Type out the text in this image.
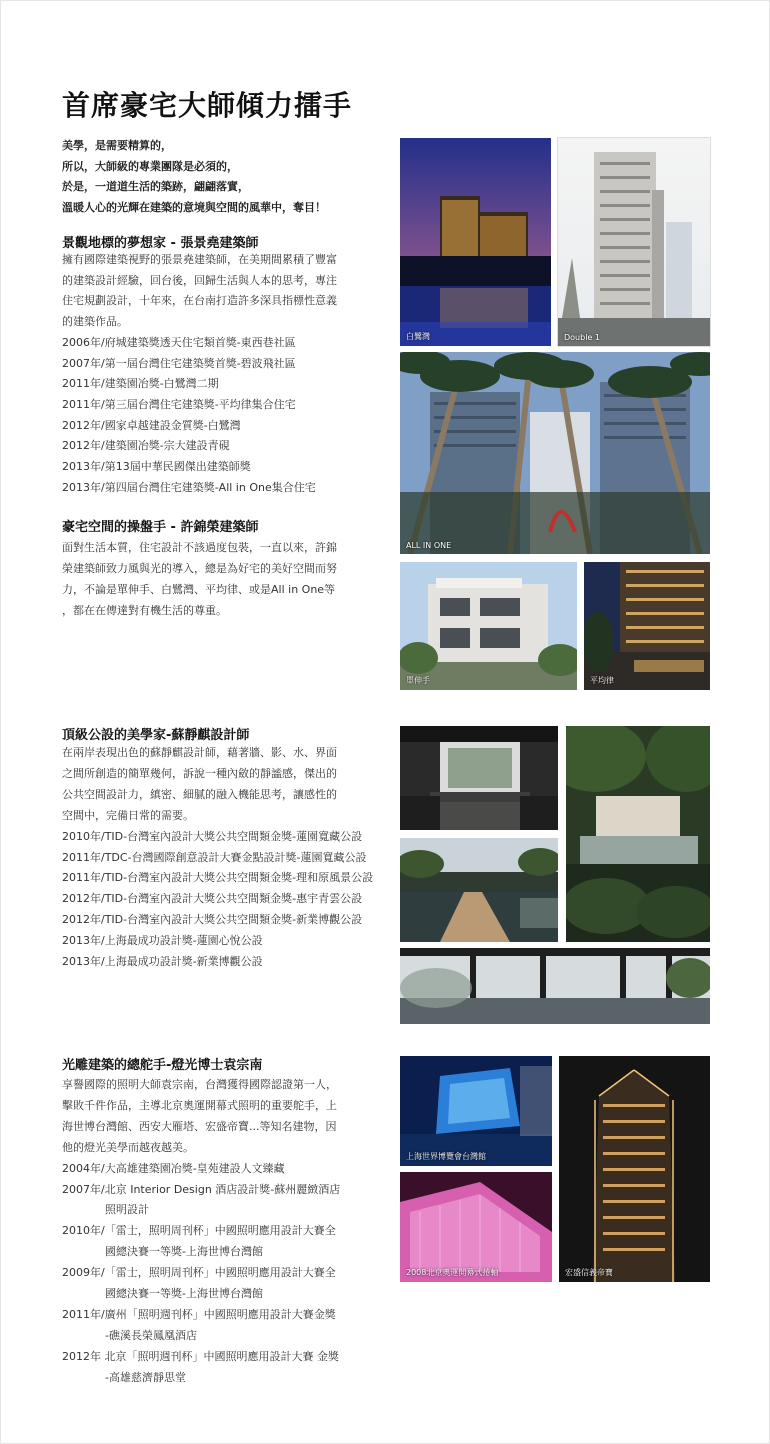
首席豪宅大師傾力擂手
美學，是需要精算的，
所以，大師級的專業團隊是必須的，
於是，一道道生活的築跡，翩翩落實，
溫暖人心的光輝在建築的意境與空間的風華中，奪目！
景觀地標的夢想家 - 張景堯建築師
擁有國際建築視野的張景堯建築師，在美期間累積了豐富
的建築設計經驗，回台後，回歸生活與人本的思考，專注
住宅規劃設計，十年來，在台南打造許多深具指標性意義
的建築作品。
2006年/府城建築獎透天住宅類首獎-東西巷社區
2007年/第一屆台灣住宅建築獎首獎-碧波飛社區
2011年/建築園冶獎-白鷺灣二期
2011年/第三屆台灣住宅建築獎-平均律集合住宅
2012年/國家卓越建設金質獎-白鷺灣
2012年/建築園冶獎-宗大建設青硯
2013年/第13屆中華民國傑出建築師獎
2013年/第四屆台灣住宅建築獎-All in One集合住宅
豪宅空間的操盤手 - 許錦榮建築師
面對生活本質，住宅設計不該過度包裝，一直以來，許錦
榮建築師致力風與光的導入，總是為好宅的美好空間而努
力，不論是單伸手、白鷺灣、平均律、或是All in One等
，都在在傳達對有機生活的尊重。
頂級公設的美學家-蘇靜麒設計師
在兩岸表現出色的蘇靜麒設計師，藉著牆、影、水、界面
之間所創造的簡單幾何，訴說一種內斂的靜謐感，傑出的
公共空間設計力，縝密、細膩的融入機能思考，讓感性的
空間中，完備日常的需要。
2010年/TID-台灣室內設計大獎公共空間類金獎-蓮園寬藏公設
2011年/TDC-台灣國際創意設計大賽金點設計獎-蓮園寬藏公設
2011年/TID-台灣室內設計大獎公共空間類金獎-理和原風景公設
2012年/TID-台灣室內設計大獎公共空間類金獎-惠宇青雲公設
2012年/TID-台灣室內設計大獎公共空間類金獎-新業博觀公設
2013年/上海最成功設計獎-蓮園心悅公設
2013年/上海最成功設計獎-新業博觀公設
光雕建築的總舵手-燈光博士袁宗南
享譽國際的照明大師袁宗南，台灣獲得國際認證第一人，
擊敗千件作品，主導北京奧運開幕式照明的重要舵手，上
海世博台灣館、西安大雁塔、宏盛帝寶...等知名建物，因
他的燈光美學而越夜越美。
2004年/大高雄建築園冶獎-皇苑建設人文臻藏
2007年/北京 Interior Design 酒店設計獎-蘇州麗緻酒店
照明設計
2010年/「雷士，照明周刊杯」中國照明應用設計大賽全
國總決賽一等獎-上海世博台灣館
2009年/「雷士，照明周刊杯」中國照明應用設計大賽全
國總決賽一等獎-上海世博台灣館
2011年/廣州「照明週刊杯」中國照明應用設計大賽金獎
-礁溪長榮鳳凰酒店
2012年 北京「照明週刊杯」中國照明應用設計大賽 金獎
-高雄慈濟靜思堂
白鷺灣	Double 1
ALL IN ONE
單伸手	平均律
上海世界博覽會台灣館
2008北京奧運開幕式捲軸	宏盛信義帝寶
